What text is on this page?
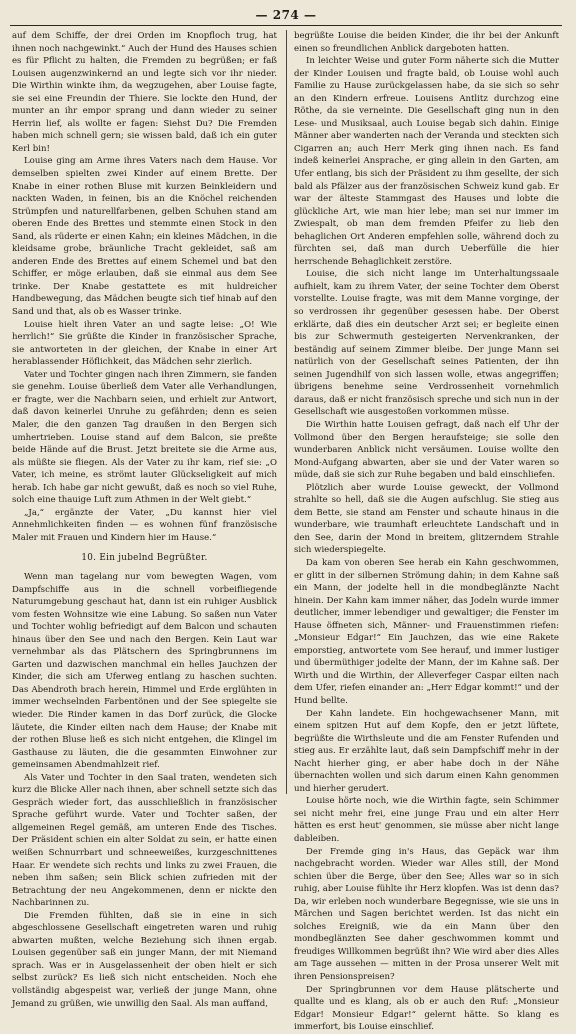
— 274 —

auf dem Schiffe, der drei Orden im Knopfloch trug, hat ihnen noch nachgewinkt.“ Auch der Hund des Hauses schien es für Pflicht zu halten, die Fremden zu begrüßen; er faß Louisen augenzwinkernd an und legte sich vor ihr nieder. Die Wirthin winkte ihm, da wegzugehen, aber Louise fagte, sie sei eine Freundin der Thiere. Sie lockte den Hund, der munter an ihr empor sprang und dann wieder zu seiner Herrin lief, als wollte er fagen: Siehst Du? Die Fremden haben mich schnell gern; sie wissen bald, daß ich ein guter Kerl bin!

Louise ging am Arme ihres Vaters nach dem Hause. Vor demselben spielten zwei Kinder auf einem Brette. Der Knabe in einer rothen Bluse mit kurzen Beinkleidern und nackten Waden, in feinen, bis an die Knöchel reichenden Strümpfen und naturellfarbenen, gelben Schuhen stand am oberen Ende des Brettes und stemmte einen Stock in den Sand, als rüderte er einen Kahn; ein kleines Mädchen, in die kleidsame grobe, bräunliche Tracht gekleidet, saß am anderen Ende des Brettes auf einem Schemel und bat den Schiffer, er möge erlauben, daß sie einmal aus dem See trinke. Der Knabe gestattete es mit huldreicher Handbewegung, das Mädchen beugte sich tief hinab auf den Sand und that, als ob es Wasser trinke.

Louise hielt ihren Vater an und sagte leise: „O! Wie herrlich!“ Sie grüßte die Kinder in französischer Sprache, sie antworteten in der gleichen, der Knabe in einer Art herablassender Höflichkeit, das Mädchen sehr zierlich.

Vater und Tochter gingen nach ihren Zimmern, sie fanden sie genehm. Louise überließ dem Vater alle Verhandlungen, er fragte, wer die Nachbarn seien, und erhielt zur Antwort, daß davon keinerlei Unruhe zu gefährden; denn es seien Maler, die den ganzen Tag draußen in den Bergen sich umhertrieben. Louise stand auf dem Balcon, sie preßte beide Hände auf die Brust. Jetzt breitete sie die Arme aus, als müßte sie fliegen. Als der Vater zu ihr kam, rief sie: „O Vater, ich meine, es strömt lauter Glückseligkeit auf mich herab. Ich habe gar nicht gewußt, daß es noch so viel Ruhe, solch eine thauige Luft zum Athmen in der Welt giebt.“

„Ja,“ ergänzte der Vater, „Du kannst hier viel Annehmlichkeiten finden — es wohnen fünf französische Maler mit Frauen und Kindern hier im Hause.“

10. Ein jubelnd Begrüßter.

Wenn man tagelang nur vom bewegten Wagen, vom Dampfschiffe aus in die schnell vorbeifliegende Naturumgebung geschaut hat, dann ist ein ruhiger Ausblick vom festen Wohnsitze wie eine Labung. So saßen nun Vater und Tochter wohlig befriedigt auf dem Balcon und schauten hinaus über den See und nach den Bergen. Kein Laut war vernehmbar als das Plätschern des Springbrunnens im Garten und dazwischen manchmal ein helles Jauchzen der Kinder, die sich am Uferweg entlang zu haschen suchten. Das Abendroth brach herein, Himmel und Erde erglühten in immer wechselnden Farbentönen und der See spiegelte sie wieder. Die Rinder kamen in das Dorf zurück, die Glocke läutete, die Kinder eilten nach dem Hause; der Knabe mit der rothen Bluse ließ es sich nicht entgehen, die Klingel im Gasthause zu läuten, die die gesammten Einwohner zur gemeinsamen Abendmahlzeit rief.

Als Vater und Tochter in den Saal traten, wendeten sich kurz die Blicke Aller nach ihnen, aber schnell setzte sich das Gespräch wieder fort, das ausschließlich in französischer Sprache geführt wurde. Vater und Tochter saßen, der allgemeinen Regel gemäß, am unteren Ende des Tisches. Der Präsident schien ein alter Soldat zu sein, er hatte einen weißen Schnurrbart und schneeweißes, kurzgeschnittenes Haar. Er wendete sich rechts und links zu zwei Frauen, die neben ihm saßen; sein Blick schien zufrieden mit der Betrachtung der neu Angekommenen, denn er nickte den Nachbarinnen zu.

Die Fremden fühlten, daß sie in eine in sich abgeschlossene Gesellschaft eingetreten waren und ruhig abwarten mußten, welche Beziehung sich ihnen ergab. Louisen gegenüber saß ein junger Mann, der mit Niemand sprach. Was er in Ausgelassenheit der oben hielt er sich selbst zurück? Es ließ sich nicht entscheiden. Noch ehe vollständig abgespeist war, verließ der junge Mann, ohne Jemand zu grüßen, wie unwillig den Saal. Als man auffand,

begrüßte Louise die beiden Kinder, die ihr bei der Ankunft einen so freundlichen Anblick dargeboten hatten.

In leichter Weise und guter Form näherte sich die Mutter der Kinder Louisen und fragte bald, ob Louise wohl auch Familie zu Hause zurückgelassen habe, da sie sich so sehr an den Kindern erfreue. Louisens Antlitz durchzog eine Röthe, da sie verneinte. Die Gesellschaft ging nun in den Lese- und Musiksaal, auch Louise begab sich dahin. Einige Männer aber wanderten nach der Veranda und steckten sich Cigarren an; auch Herr Merk ging ihnen nach. Es fand indeß keinerlei Ansprache, er ging allein in den Garten, am Ufer entlang, bis sich der Präsident zu ihm gesellte, der sich bald als Pfälzer aus der französischen Schweiz kund gab. Er war der älteste Stammgast des Hauses und lobte die glückliche Art, wie man hier lebe; man sei nur immer im Zwiespalt, ob man dem fremden Pfeifer zu lieb den behaglichen Ort Anderen empfehlen solle, während doch zu fürchten sei, daß man durch Ueberfülle die hier herrschende Behaglichkeit zerstöre.

Louise, die sich nicht lange im Unterhaltungssaale aufhielt, kam zu ihrem Vater, der seine Tochter dem Oberst vorstellte. Louise fragte, was mit dem Manne vorginge, der so verdrossen ihr gegenüber gesessen habe. Der Oberst erklärte, daß dies ein deutscher Arzt sei; er begleite einen bis zur Schwermuth gesteigerten Nervenkranken, der beständig auf seinem Zimmer bleibe. Der junge Mann sei natürlich von der Gesellschaft seines Patienten, der ihn seinen Jugendhilf von sich lassen wolle, etwas angegriffen; übrigens benehme seine Verdrossenheit vornehmlich daraus, daß er nicht französisch spreche und sich nun in der Gesellschaft wie ausgestoßen vorkommen müsse.

Die Wirthin hatte Louisen gefragt, daß nach elf Uhr der Vollmond über den Bergen heraufsteige; sie solle den wunderbaren Anblick nicht versäumen. Louise wollte den Mond-Aufgang abwarten, aber sie und der Vater waren so müde, daß sie sich zur Ruhe begaben und bald einschliefen.

Plötzlich aber wurde Louise geweckt, der Vollmond strahlte so hell, daß sie die Augen aufschlug. Sie stieg aus dem Bette, sie stand am Fenster und schaute hinaus in die wunderbare, wie traumhaft erleuchtete Landschaft und in den See, darin der Mond in breitem, glitzerndem Strahle sich wiederspiegelte.

Da kam von oberen See herab ein Kahn geschwommen, er glitt in der silbernen Strömung dahin; in dem Kahne saß ein Mann, der jodelte hell in die mondbeglänzte Nacht hinein. Der Kahn kam immer näher, das Jodeln wurde immer deutlicher, immer lebendiger und gewaltiger; die Fenster im Hause öffneten sich, Männer- und Frauenstimmen riefen: „Monsieur Edgar!“ Ein Jauchzen, das wie eine Rakete emporstieg, antwortete vom See herauf, und immer lustiger und übermüthiger jodelte der Mann, der im Kahne saß. Der Wirth und die Wirthin, der Alleverfeger Caspar eilten nach dem Ufer, riefen einander an: „Herr Edgar kommt!“ und der Hund bellte.

Der Kahn landete. Ein hochgewachsener Mann, mit einem spitzen Hut auf dem Kopfe, den er jetzt lüftete, begrüßte die Wirthsleute und die am Fenster Rufenden und stieg aus. Er erzählte laut, daß sein Dampfschiff mehr in der Nacht hierher ging, er aber habe doch in der Nähe übernachten wollen und sich darum einen Kahn genommen und hierher gerudert.

Louise hörte noch, wie die Wirthin fagte, sein Schimmer sei nicht mehr frei, eine junge Frau und ein alter Herr hätten es erst heut' genommen, sie müsse aber nicht lange dableiben.

Der Fremde ging in's Haus, das Gepäck war ihm nachgebracht worden. Wieder war Alles still, der Mond schien über die Berge, über den See; Alles war so in sich ruhig, aber Louise fühlte ihr Herz klopfen. Was ist denn das? Da, wir erleben noch wunderbare Begegnisse, wie sie uns in Märchen und Sagen berichtet werden. Ist das nicht ein solches Ereigniß, wie da ein Mann über den mondbeglänzten See daher geschwommen kommt und freudiges Willkommen begrüßt ihn? Wie wird aber dies Alles am Tage aussehen — mitten in der Prosa unserer Welt mit ihren Pensionspreisen?

Der Springbrunnen vor dem Hause plätscherte und quallte und es klang, als ob er auch den Ruf: „Monsieur Edgar! Monsieur Edgar!“ gelernt hätte. So klang es immerfort, bis Louise einschlief.
